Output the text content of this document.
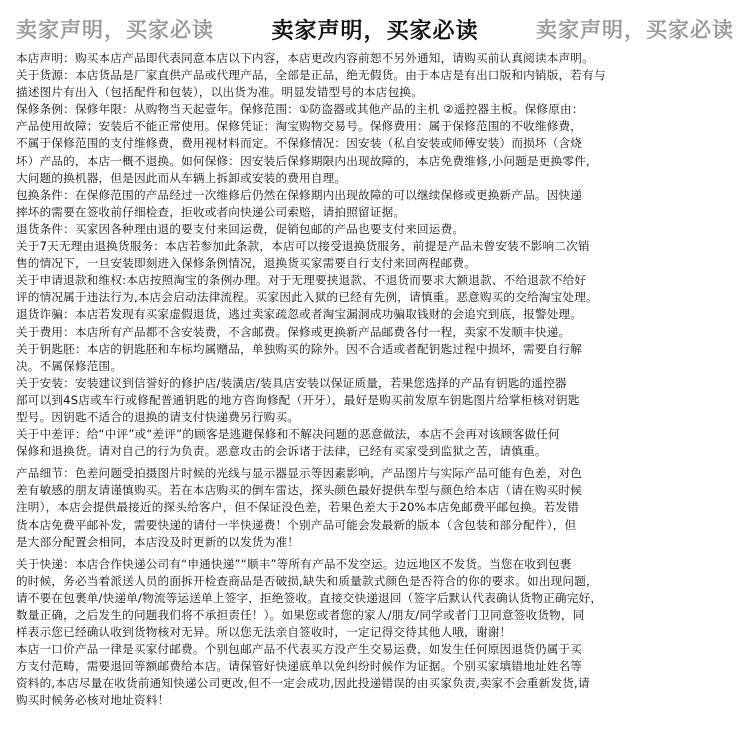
卖家声明，买家必读	卖家声明，买家必读	卖家声明，买家必读
本店声明：购买本店产品即代表同意本店以下内容，本店更改内容前恕不另外通知，请购买前认真阅读本声明。
关于货源：本店货品是厂家直供产品或代理产品，全部是正品，绝无假货。由于本店是有出口版和内销版，若有与
描述图片有出入（包括配件和包装），以出货为准。明显发错型号的本店包换。
保修条例：保修年限：从购物当天起壹年。保修范围：①防盗器或其他产品的主机 ②遥控器主板。保修原由：
产品使用故障；安装后不能正常使用。保修凭证：淘宝购物交易号。保修费用：属于保修范围的不收维修费，
不属于保修范围的支付维修费，费用视材料而定。不保修情况：因安装（私自安装或师傅安装）而损坏（含烧
坏）产品的，本店一概不退换。如何保修：因安装后保修期限内出现故障的，本店免费维修,小问题是更换零件,
大问题的换机器，但是因此而从车辆上拆卸或安装的费用自理。
包换条件：在保修范围的产品经过一次维修后仍然在保修期内出现故障的可以继续保修或更换新产品。因快递
摔坏的需要在签收前仔细检查，拒收或者向快递公司索赔，请拍照留证据。
退货条件：买家因各种理由退的要支付来回运费，促销包邮的产品也要支付来回运费。
关于7天无理由退换货服务：本店若参加此条款，本店可以接受退换货服务，前提是产品未曾安装不影响二次销
售的情况下，一旦安装即刻进入保修条例情况，退换货买家需要自行支付来回两程邮费。
关于申请退款和维权:本店按照淘宝的条例办理。对于无理要挟退款、不退货而要求大额退款、不给退款不给好
评的情况属于违法行为,本店会启动法律流程。买家因此入狱的已经有先例，请慎重。恶意购买的交给淘宝处理。
退货诈骗：本店若发现有买家虚假退货，逃过卖家疏忽或者淘宝漏洞成功骗取钱财的会追究到底，报警处理。
关于费用：本店所有产品都不含安装费，不含邮费。保修或更换新产品邮费各付一程，卖家不发顺丰快递。
关于钥匙胚：本店的钥匙胚和车标均属赠品，单独购买的除外。因不合适或者配钥匙过程中损坏，需要自行解
决。不属保修范围。
关于安装：安装建议到信誉好的修护店/装潢店/装具店安装以保证质量，若果您选择的产品有钥匙的遥控器
部可以到4S店或车行或修配普通钥匙的地方咨询修配（开牙），最好是购买前发原车钥匙图片给掌柜核对钥匙
型号。因钥匙不适合的退换的请支付快递费另行购买。
关于中差评：给“中评”或“差评”的顾客是逃避保修和不解决问题的恶意做法，本店不会再对该顾客做任何
保修和退换货。请对自己的行为负责。恶意攻击的会诉诸于法律，已经有买家受到监狱之苦，请慎重。
产品细节：色差问题受拍摄图片时候的光线与显示器显示等因素影响，产品图片与实际产品可能有色差，对色
差有敏感的朋友请谨慎购买。若在本店购买的倒车雷达，探头颜色最好提供车型与颜色给本店（请在购买时候
注明），本店会提供最接近的探头给客户，但不保证没色差，若果色差大于20%本店免邮费平邮包换。若发错
货本店免费平邮补发，需要快递的请付一半快递费！个别产品可能会发最新的版本（含包装和部分配件），但
是大部分配置会相同，本店没及时更新的以发货为准！
关于快递：本店合作快递公司有“申通快递”“顺丰”等所有产品不发空运。边远地区不发货。当您在收到包裹
的时候，务必当着派送人员的面拆开检查商品是否破损,缺失和质量款式颜色是否符合的你的要求。如出现问题，
请不要在包裹单/快递单/物流等运送单上签字，拒绝签收。直接交快递退回（签字后默认代表确认货物正确完好，
数量正确，之后发生的问题我们将不承担责任！）。如果您或者您的家人/朋友/同学或者门卫同意签收货物，同
样表示您已经确认收到货物核对无异。所以您无法亲自签收时，一定记得交待其他人哦，谢谢！
本店一口价产品一律是买家付邮费。个别包邮产品不代表买方没产生交易运费，如发生任何原因退货仍属于买
方支付范畴，需要退回等额邮费给本店。请保管好快递底单以免纠纷时候作为证据。个别买家填错地址姓名等
资料的,本店尽量在收货前通知快递公司更改,但不一定会成功,因此投递错误的由买家负责,卖家不会重新发货,请
购买时候务必核对地址资料！
